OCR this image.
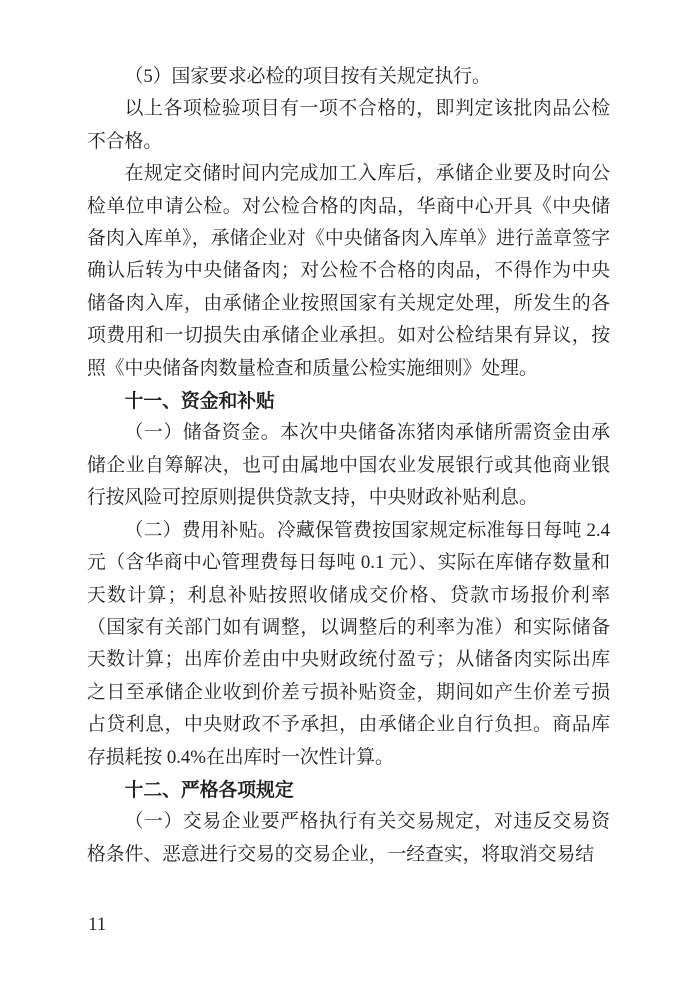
（5）国家要求必检的项目按有关规定执行。

以上各项检验项目有一项不合格的，即判定该批肉品公检不合格。

在规定交储时间内完成加工入库后，承储企业要及时向公检单位申请公检。对公检合格的肉品，华商中心开具《中央储备肉入库单》，承储企业对《中央储备肉入库单》进行盖章签字确认后转为中央储备肉；对公检不合格的肉品，不得作为中央储备肉入库，由承储企业按照国家有关规定处理，所发生的各项费用和一切损失由承储企业承担。如对公检结果有异议，按照《中央储备肉数量检查和质量公检实施细则》处理。

十一、资金和补贴

（一）储备资金。本次中央储备冻猪肉承储所需资金由承储企业自筹解决，也可由属地中国农业发展银行或其他商业银行按风险可控原则提供贷款支持，中央财政补贴利息。

（二）费用补贴。冷藏保管费按国家规定标准每日每吨 2.4 元（含华商中心管理费每日每吨 0.1 元）、实际在库储存数量和天数计算；利息补贴按照收储成交价格、贷款市场报价利率（国家有关部门如有调整，以调整后的利率为准）和实际储备天数计算；出库价差由中央财政统付盈亏；从储备肉实际出库之日至承储企业收到价差亏损补贴资金，期间如产生价差亏损占贷利息，中央财政不予承担，由承储企业自行负担。商品库存损耗按 0.4%在出库时一次性计算。

十二、严格各项规定

（一）交易企业要严格执行有关交易规定，对违反交易资格条件、恶意进行交易的交易企业，一经查实，将取消交易结

11
